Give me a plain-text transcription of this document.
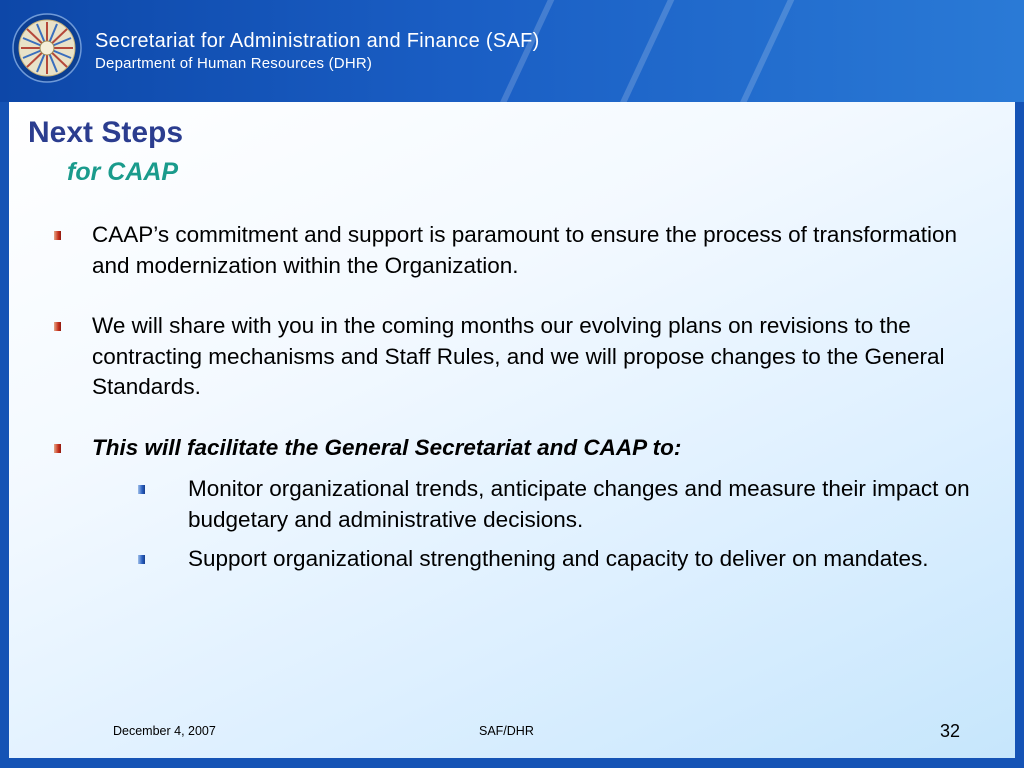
Secretariat for Administration and Finance (SAF)
Department of Human Resources (DHR)
Next Steps
for CAAP

CAAP’s commitment and support is paramount to ensure the process of transformation and modernization within the Organization.

We will share with you in the coming months our evolving plans on revisions to the contracting mechanisms and Staff Rules, and we will propose changes to the General Standards.

This will facilitate the General Secretariat and CAAP to:

Monitor organizational trends, anticipate changes and measure their impact on budgetary and administrative decisions.

Support organizational strengthening and capacity to deliver on mandates.

December 4, 2007	SAF/DHR	32
